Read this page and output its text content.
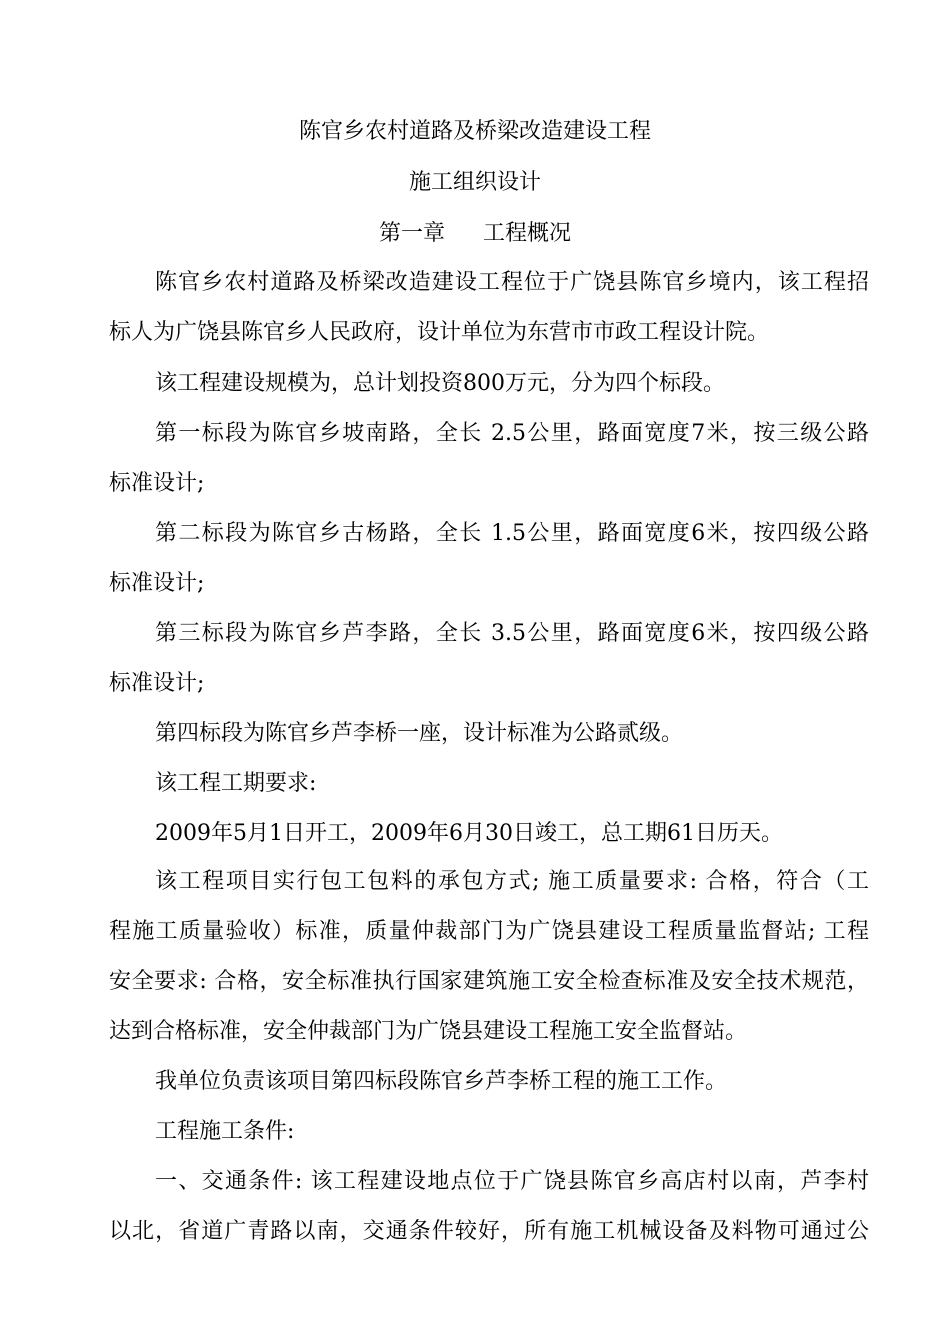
陈官乡农村道路及桥梁改造建设工程
施工组织设计
第一章 工程概况
陈官乡农村道路及桥梁改造建设工程位于广饶县陈官乡境内，该工程招
标人为广饶县陈官乡人民政府，设计单位为东营市市政工程设计院。
该工程建设规模为，总计划投资800万元，分为四个标段。
第一标段为陈官乡坡南路，全长 2.5公里，路面宽度7米，按三级公路
标准设计;
第二标段为陈官乡古杨路，全长 1.5公里，路面宽度6米，按四级公路
标准设计;
第三标段为陈官乡芦李路，全长 3.5公里，路面宽度6米，按四级公路
标准设计;
第四标段为陈官乡芦李桥一座，设计标准为公路贰级。
该工程工期要求:
2009年5月1日开工，2009年6月30日竣工，总工期61日历天。
该工程项目实行包工包料的承包方式; 施工质量要求: 合格，符合（工
程施工质量验收）标准，质量仲裁部门为广饶县建设工程质量监督站; 工程
安全要求: 合格，安全标准执行国家建筑施工安全检查标准及安全技术规范，
达到合格标准，安全仲裁部门为广饶县建设工程施工安全监督站。
我单位负责该项目第四标段陈官乡芦李桥工程的施工工作。
工程施工条件:
一、交通条件: 该工程建设地点位于广饶县陈官乡高店村以南，芦李村
以北，省道广青路以南，交通条件较好，所有施工机械设备及料物可通过公
